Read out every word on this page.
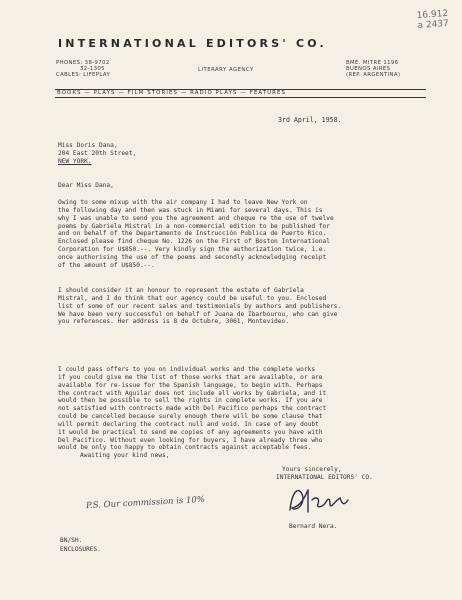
16.912
a 2437
INTERNATIONAL EDITORS' CO.
PHONES: 38-9702
32-1305
CABLES: LIFEPLAY
LITERARY AGENCY
BME. MITRE 1196
BUENOS AIRES
(REP. ARGENTINA)
BOOKS — PLAYS — FILM STORIES — RADIO PLAYS — FEATURES
3rd April, 1958.
Miss Doris Dana,
204 East 20th Street,
NEW YORK.
Dear Miss Dana,
Owing to some mixup with the air company I had to leave New York on
the following day and then was stuck in Miami for several days. This is
why I was unable to send you the agreement and cheque re the use of twelve
poems by Gabriela Mistral in a non-commercial edition to be published for
and on behalf of the Departamento de Instrucción Publica de Puerto Rico.
Enclosed please find cheque No. 1226 on the First of Boston International
Corporation for U$850.--. Very kindly sign the authorization twice, i.e.
once authorising the use of the poems and secondly acknowledging receipt
of the amount of U$850.--.
I should consider it an honour to represent the estate of Gabriela
Mistral, and I do think that our agency could be useful to you. Enclosed
list of some of our recent sales and testimonials by authors and publishers.
We have been very successful on behalf of Juana de Ibarbourou, who can give
you references. Her address is 8 de Octubre, 3061, Montevideo.
I could pass offers to you on individual works and the complete works
if you could give me the list of those works that are available, or are
available for re-issue for the Spanish language, to begin with. Perhaps
the contract with Aguilar does not include all works by Gabriela, and it
would then be possible to sell the rights in complete works. If you are
not satisfied with contracts made with Del Pacifico perhaps the contract
could be cancelled because surely enough there will be some clause that
will permit declaring the contract null and void. In case of any doubt
it would be practical to send me copies of any agreements you have with
Del Pacifico. Without even looking for buyers, I have already three who
would be only too happy to obtain contracts against acceptable fees.
Awaiting your kind news,
Yours sincerely,
INTERNATIONAL EDITORS' CO.
Bernard Nera.
P.S. Our commission is 10%
BN/SH.
ENCLOSURES.
